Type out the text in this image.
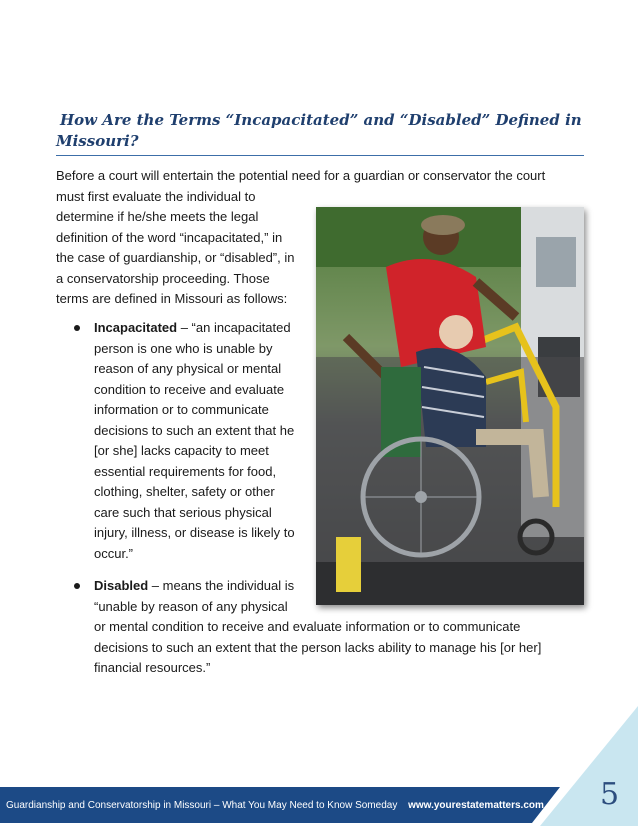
How Are the Terms “Incapacitated” and “Disabled” Defined in
Missouri?
Before a court will entertain the potential need for a guardian or conservator the court
must first evaluate the individual to
determine if he/she meets the legal
definition of the word “incapacitated,” in
the case of guardianship, or “disabled”, in
a conservatorship proceeding. Those
terms are defined in Missouri as follows:
Incapacitated – “an incapacitated
person is one who is unable by
reason of any physical or mental
condition to receive and evaluate
information or to communicate
decisions to such an extent that he
[or she] lacks capacity to meet
essential requirements for food,
clothing, shelter, safety or other
care such that serious physical
injury, illness, or disease is likely to
occur.”
Disabled – means the individual is
“unable by reason of any physical
or mental condition to receive and evaluate information or to communicate
decisions to such an extent that the person lacks ability to manage his [or her]
financial resources.”
Guardianship and Conservatorship in Missouri – What You May Need to Know Someday www.yourestatematters.com 5
